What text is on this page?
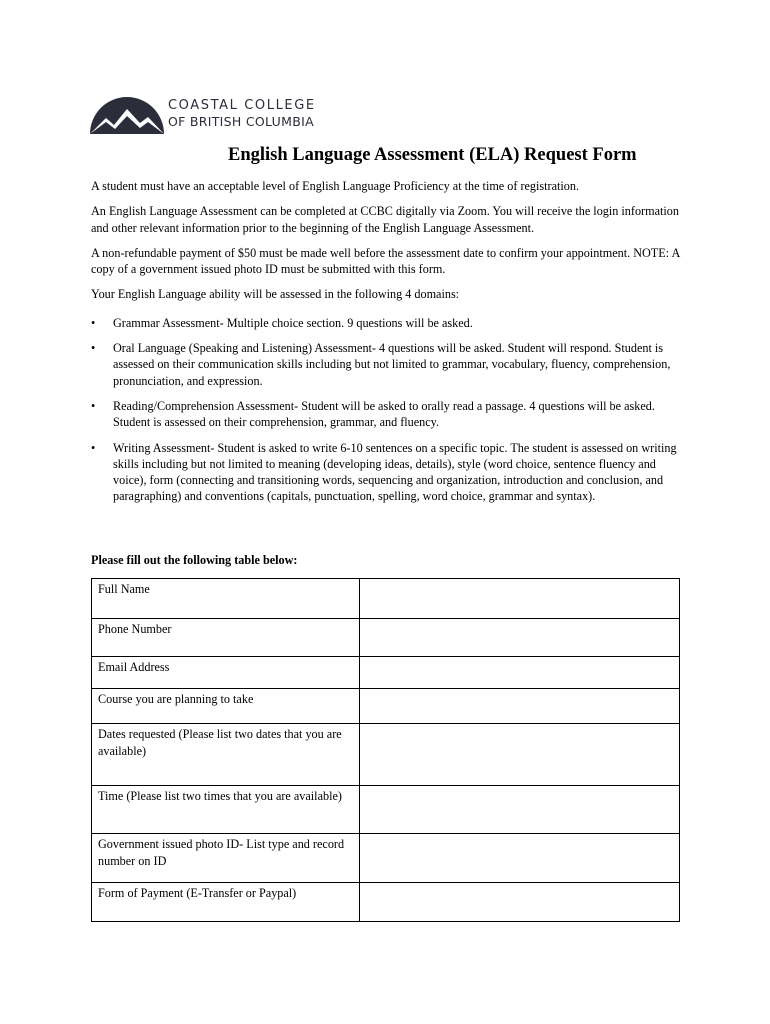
COASTAL COLLEGE
OF BRITISH COLUMBIA
English Language Assessment (ELA) Request Form

A student must have an acceptable level of English Language Proficiency at the time of registration.

An English Language Assessment can be completed at CCBC digitally via Zoom. You will receive the login information and other relevant information prior to the beginning of the English Language Assessment.

A non-refundable payment of $50 must be made well before the assessment date to confirm your appointment. NOTE: A copy of a government issued photo ID must be submitted with this form.

Your English Language ability will be assessed in the following 4 domains:

• Grammar Assessment- Multiple choice section. 9 questions will be asked.
• Oral Language (Speaking and Listening) Assessment- 4 questions will be asked. Student will respond. Student is assessed on their communication skills including but not limited to grammar, vocabulary, fluency, comprehension, pronunciation, and expression.
• Reading/Comprehension Assessment- Student will be asked to orally read a passage. 4 questions will be asked. Student is assessed on their comprehension, grammar, and fluency.
• Writing Assessment- Student is asked to write 6-10 sentences on a specific topic. The student is assessed on writing skills including but not limited to meaning (developing ideas, details), style (word choice, sentence fluency and voice), form (connecting and transitioning words, sequencing and organization, introduction and conclusion, and paragraphing) and conventions (capitals, punctuation, spelling, word choice, grammar and syntax).
Please fill out the following table below:
Full Name	
Phone Number	
Email Address	
Course you are planning to take	
Dates requested (Please list two dates that you are available)	
Time (Please list two times that you are available)	
Government issued photo ID- List type and record number on ID	
Form of Payment (E-Transfer or Paypal)	
